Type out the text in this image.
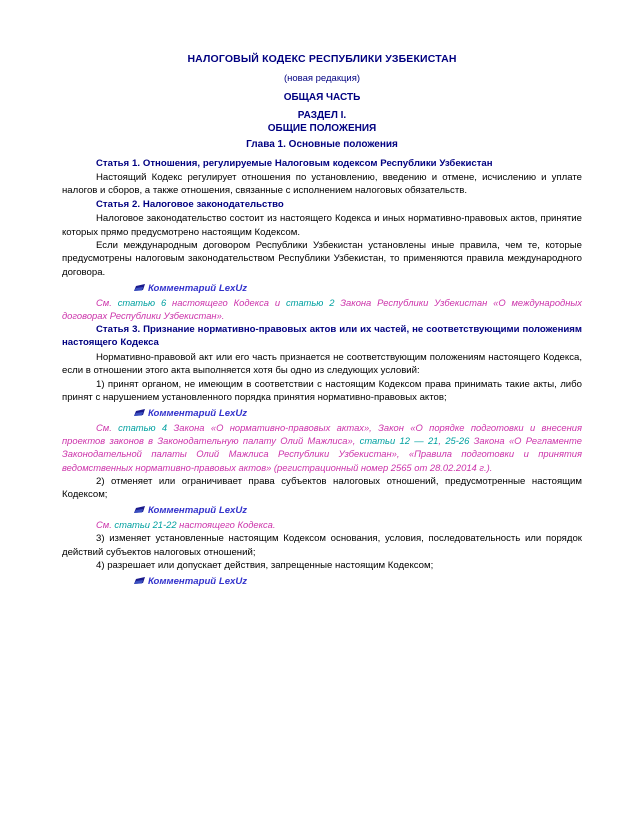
НАЛОГОВЫЙ КОДЕКС РЕСПУБЛИКИ УЗБЕКИСТАН
(новая редакция)
ОБЩАЯ ЧАСТЬ
РАЗДЕЛ I.
ОБЩИЕ ПОЛОЖЕНИЯ
Глава 1. Основные положения
Статья 1. Отношения, регулируемые Налоговым кодексом Республики Узбекистан
Настоящий Кодекс регулирует отношения по установлению, введению и отмене, исчислению и уплате налогов и сборов, а также отношения, связанные с исполнением налоговых обязательств.
Статья 2. Налоговое законодательство
Налоговое законодательство состоит из настоящего Кодекса и иных нормативно-правовых актов, принятие которых прямо предусмотрено настоящим Кодексом.
Если международным договором Республики Узбекистан установлены иные правила, чем те, которые предусмотрены налоговым законодательством Республики Узбекистан, то применяются правила международного договора.
Комментарий LexUz
См. статью 6 настоящего Кодекса и статью 2 Закона Республики Узбекистан «О международных договорах Республики Узбекистан».
Статья 3. Признание нормативно-правовых актов или их частей, не соответствующими положениям настоящего Кодекса
Нормативно-правовой акт или его часть признается не соответствующим положениям настоящего Кодекса, если в отношении этого акта выполняется хотя бы одно из следующих условий:
1) принят органом, не имеющим в соответствии с настоящим Кодексом права принимать такие акты, либо принят с нарушением установленного порядка принятия нормативно-правовых актов;
Комментарий LexUz
См. статью 4 Закона «О нормативно-правовых актах», Закон «О порядке подготовки и внесения проектов законов в Законодательную палату Олий Мажлиса», статьи 12 — 21, 25-26 Закона «О Регламенте Законодательной палаты Олий Мажлиса Республики Узбекистан», «Правила подготовки и принятия ведомственных нормативно-правовых актов» (регистрационный номер 2565 от 28.02.2014 г.).
2) отменяет или ограничивает права субъектов налоговых отношений, предусмотренные настоящим Кодексом;
Комментарий LexUz
См. статьи 21-22 настоящего Кодекса.
3) изменяет установленные настоящим Кодексом основания, условия, последовательность или порядок действий субъектов налоговых отношений;
4) разрешает или допускает действия, запрещенные настоящим Кодексом;
Комментарий LexUz
